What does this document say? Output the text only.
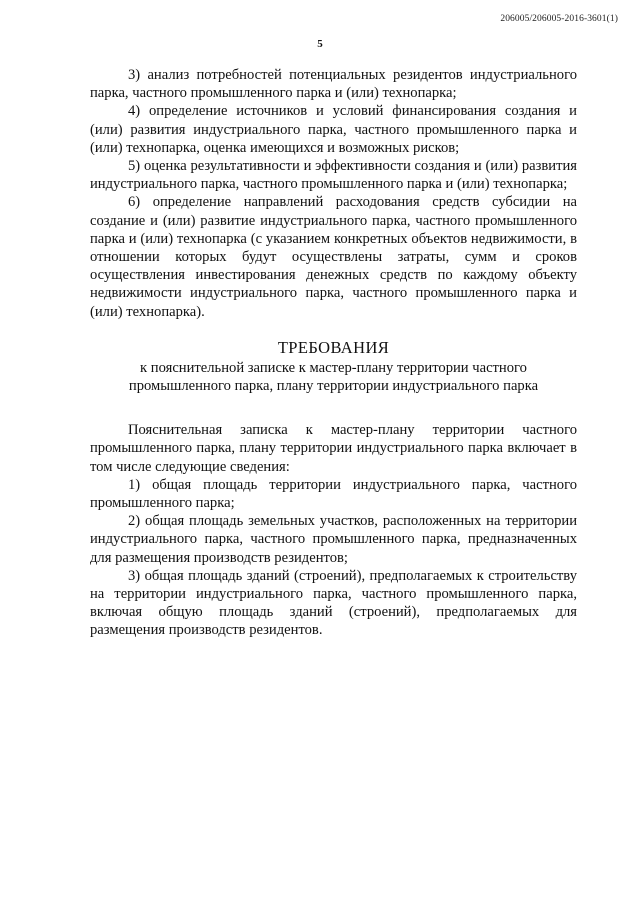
206005/206005-2016-3601(1)
5

3) анализ потребностей потенциальных резидентов индустриального парка, частного промышленного парка и (или) технопарка;

4) определение источников и условий финансирования создания и (или) развития индустриального парка, частного промышленного парка и (или) технопарка, оценка имеющихся и возможных рисков;

5) оценка результативности и эффективности создания и (или) развития индустриального парка, частного промышленного парка и (или) технопарка;

6) определение направлений расходования средств субсидии на создание и (или) развитие индустриального парка, частного промышленного парка и (или) технопарка (с указанием конкретных объектов недвижимости, в отношении которых будут осуществлены затраты, сумм и сроков осуществления инвестирования денежных средств по каждому объекту недвижимости индустриального парка, частного промышленного парка и (или) технопарка).

ТРЕБОВАНИЯ
к пояснительной записке к мастер-плану территории частного промышленного парка, плану территории индустриального парка

Пояснительная записка к мастер-плану территории частного промышленного парка, плану территории индустриального парка включает в том числе следующие сведения:

1) общая площадь территории индустриального парка, частного промышленного парка;

2) общая площадь земельных участков, расположенных на территории индустриального парка, частного промышленного парка, предназначенных для размещения производств резидентов;

3) общая площадь зданий (строений), предполагаемых к строительству на территории индустриального парка, частного промышленного парка, включая общую площадь зданий (строений), предполагаемых для размещения производств резидентов.
